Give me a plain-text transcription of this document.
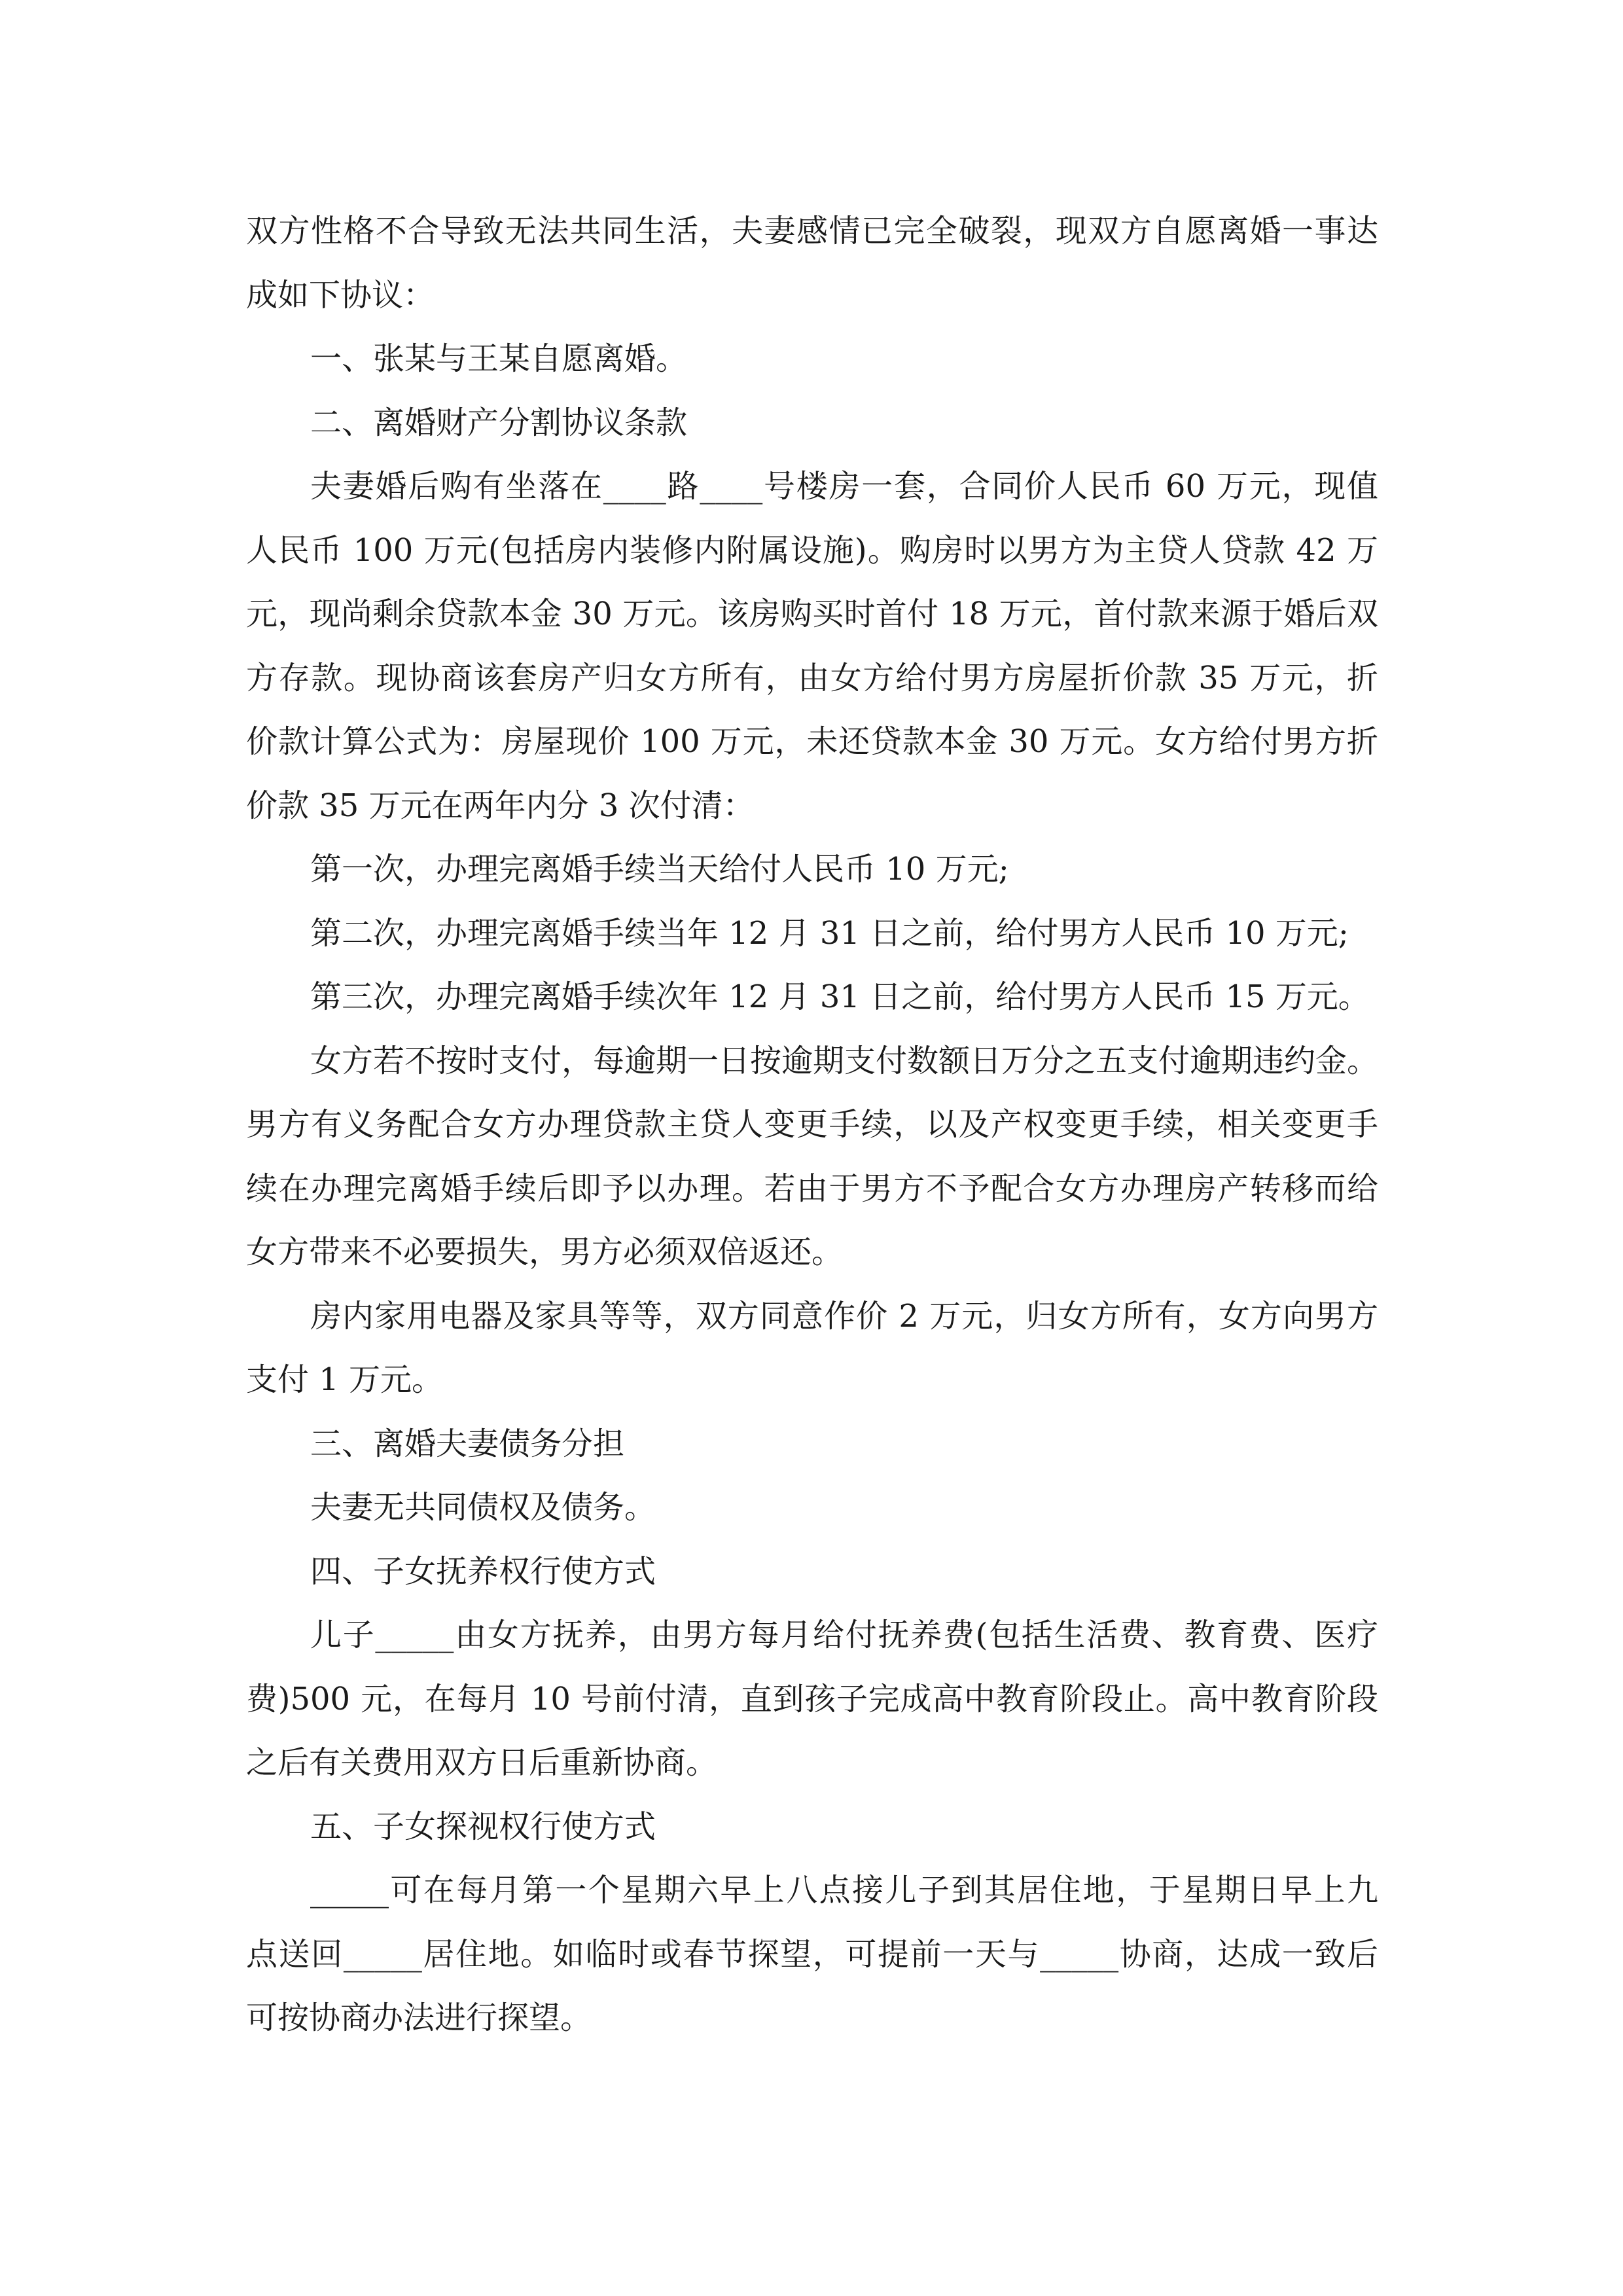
双方性格不合导致无法共同生活，夫妻感情已完全破裂，现双方自愿离婚一事达
成如下协议：
一、张某与王某自愿离婚。
二、离婚财产分割协议条款
夫妻婚后购有坐落在____路____号楼房一套，合同价人民币 60 万元，现值
人民币 100 万元(包括房内装修内附属设施)。购房时以男方为主贷人贷款 42 万
元，现尚剩余贷款本金 30 万元。该房购买时首付 18 万元，首付款来源于婚后双
方存款。现协商该套房产归女方所有，由女方给付男方房屋折价款 35 万元，折
价款计算公式为：房屋现价 100 万元，未还贷款本金 30 万元。女方给付男方折
价款 35 万元在两年内分 3 次付清：
第一次，办理完离婚手续当天给付人民币 10 万元;
第二次，办理完离婚手续当年 12 月 31 日之前，给付男方人民币 10 万元;
第三次，办理完离婚手续次年 12 月 31 日之前，给付男方人民币 15 万元。
女方若不按时支付，每逾期一日按逾期支付数额日万分之五支付逾期违约金。
男方有义务配合女方办理贷款主贷人变更手续，以及产权变更手续，相关变更手
续在办理完离婚手续后即予以办理。若由于男方不予配合女方办理房产转移而给
女方带来不必要损失，男方必须双倍返还。
房内家用电器及家具等等，双方同意作价 2 万元，归女方所有，女方向男方
支付 1 万元。
三、离婚夫妻债务分担
夫妻无共同债权及债务。
四、子女抚养权行使方式
儿子_____由女方抚养，由男方每月给付抚养费(包括生活费、教育费、医疗
费)500 元，在每月 10 号前付清，直到孩子完成高中教育阶段止。高中教育阶段
之后有关费用双方日后重新协商。
五、子女探视权行使方式
_____可在每月第一个星期六早上八点接儿子到其居住地，于星期日早上九
点送回_____居住地。如临时或春节探望，可提前一天与_____协商，达成一致后
可按协商办法进行探望。
